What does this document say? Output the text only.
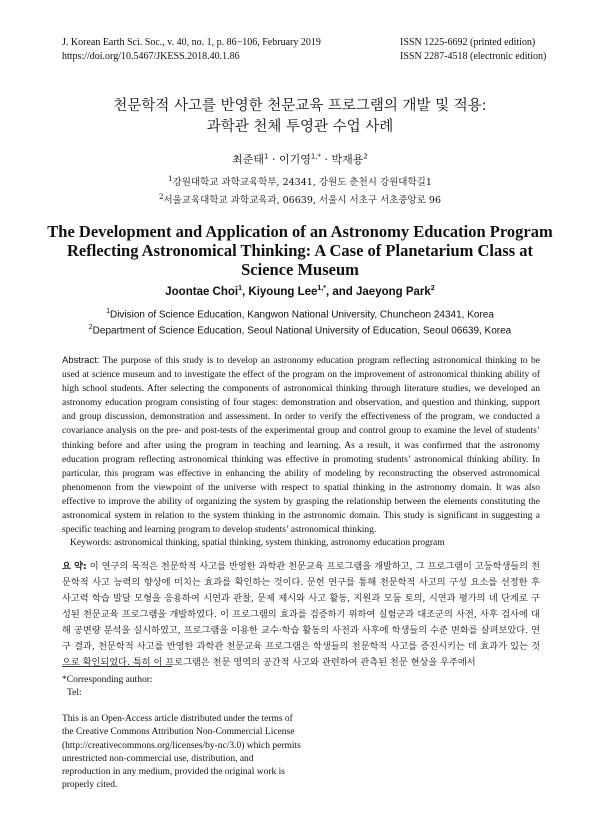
J. Korean Earth Sci. Soc., v. 40, no. 1, p. 86−106, February 2019
https://doi.org/10.5467/JKESS.2018.40.1.86
ISSN 1225-6692 (printed edition)
ISSN 2287-4518 (electronic edition)
천문학적 사고를 반영한 천문교육 프로그램의 개발 및 적용:
과학관 천체 투영관 수업 사례
최준태$^1$ · 이기영$^{1,*}$ · 박재용$^2$
$^1$강원대학교 과학교육학부, 24341, 강원도 춘천시 강원대학길1
$^2$서울교육대학교 과학교육과, 06639, 서울시 서초구 서초중앙로 96
The Development and Application of an Astronomy Education Program
Reflecting Astronomical Thinking: A Case of Planetarium Class at
Science Museum
Joontae Choi$^1$, Kiyoung Lee$^{1,*}$, and Jaeyong Park$^2$
$^1$Division of Science Education, Kangwon National University, Chuncheon 24341, Korea
$^2$Department of Science Education, Seoul National University of Education, Seoul 06639, Korea
Abstract: The purpose of this study is to develop an astronomy education program reflecting astronomical thinking to be used at science museum and to investigate the effect of the program on the improvement of astronomical thinking ability of high school students. After selecting the components of astronomical thinking through literature studies, we developed an astronomy education program consisting of four stages: demonstration and observation, and question and thinking, support and group discussion, demonstration and assessment. In order to verify the effectiveness of the program, we conducted a covariance analysis on the pre- and post-tests of the experimental group and control group to examine the level of students’ thinking before and after using the program in teaching and learning. As a result, it was confirmed that the astronomy education program reflecting astronomical thinking was effective in promoting students’ astronomical thinking ability. In particular, this program was effective in enhancing the ability of modeling by reconstructing the observed astronomical phenomenon from the viewpoint of the universe with respect to spatial thinking in the astronomy domain. It was also effective to improve the ability of organizing the system by grasping the relationship between the elements constituting the astronomical system in relation to the system thinking in the astronomic domain. This study is significant in suggesting a specific teaching and learning program to develop students’ astronomical thinking.
Keywords: astronomical thinking, spatial thinking, system thinking, astronomy education program
요 약: 이 연구의 목적은 천문학적 사고를 반영한 과학관 천문교육 프로그램을 개발하고, 그 프로그램이 고등학생들의 천문학적 사고 능력의 향상에 미치는 효과를 확인하는 것이다. 문헌 연구를 통해 천문학적 사고의 구성 요소를 선정한 후 사고력 학습 발달 모형을 응용하여 시연과 관찰, 문제 제시와 사고 활동, 지원과 모둠 토의, 시연과 평가의 네 단계로 구성된 천문교육 프로그램을 개발하였다. 이 프로그램의 효과를 검증하기 위하여 실험군과 대조군의 사전, 사후 검사에 대해 공변량 분석을 실시하였고, 프로그램을 이용한 교수·학습 활동의 사전과 사후에 학생들의 수준 변화를 살펴보았다. 연구 결과, 천문학적 사고를 반영한 과학관 천문교육 프로그램은 학생들의 천문학적 사고를 증진시키는 데 효과가 있는 것으로 확인되었다. 특히 이 프로그램은 천문 영역의 공간적 사고와 관련하여 관측된 천문 현상을 우주에서
*Corresponding author:
Tel:
This is an Open-Access article distributed under the terms of the Creative Commons Attribution Non-Commercial License (http://creativecommons.org/licenses/by-nc/3.0) which permits unrestricted non-commercial use, distribution, and reproduction in any medium, provided the original work is properly cited.
